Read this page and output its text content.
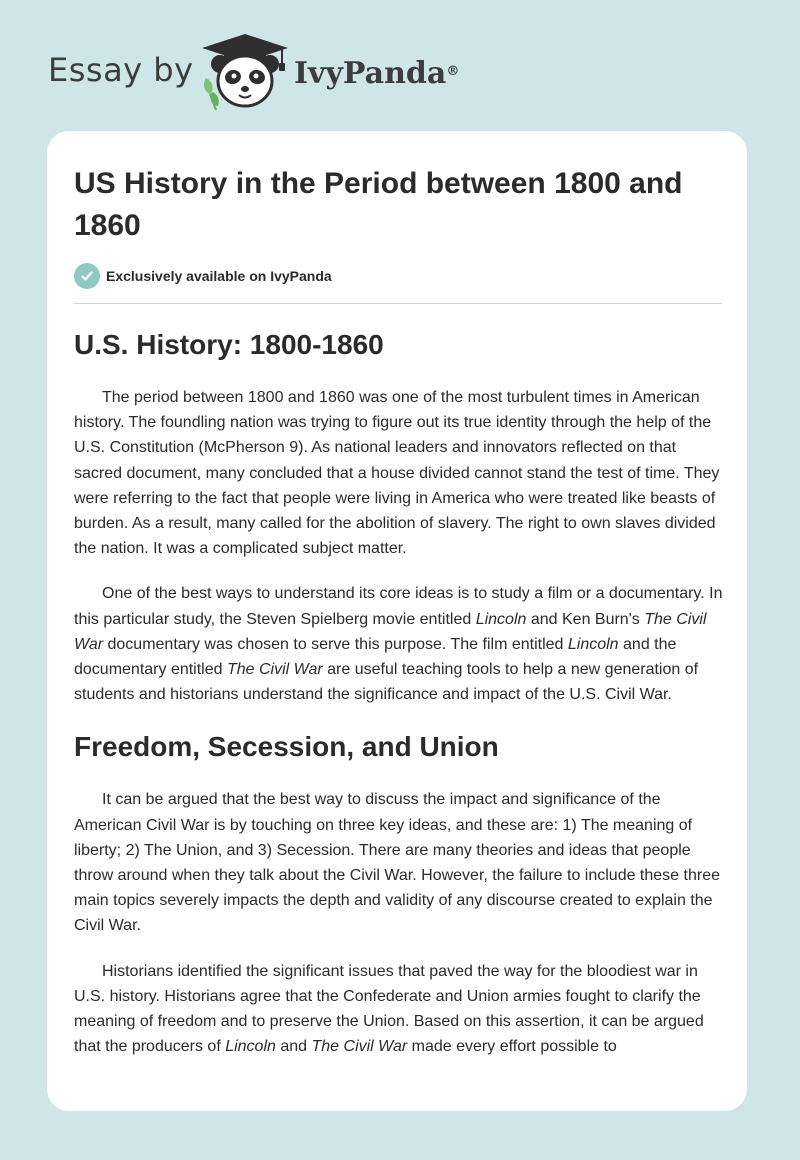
Essay by	IvyPanda®
US History in the Period between 1800 and 1860
Exclusively available on IvyPanda
U.S. History: 1800-1860

The period between 1800 and 1860 was one of the most turbulent times in American history. The foundling nation was trying to figure out its true identity through the help of the U.S. Constitution (McPherson 9). As national leaders and innovators reflected on that sacred document, many concluded that a house divided cannot stand the test of time. They were referring to the fact that people were living in America who were treated like beasts of burden. As a result, many called for the abolition of slavery. The right to own slaves divided the nation. It was a complicated subject matter.

One of the best ways to understand its core ideas is to study a film or a documentary. In this particular study, the Steven Spielberg movie entitled Lincoln and Ken Burn's The Civil War documentary was chosen to serve this purpose. The film entitled Lincoln and the documentary entitled The Civil War are useful teaching tools to help a new generation of students and historians understand the significance and impact of the U.S. Civil War.

Freedom, Secession, and Union

It can be argued that the best way to discuss the impact and significance of the American Civil War is by touching on three key ideas, and these are: 1) The meaning of liberty; 2) The Union, and 3) Secession. There are many theories and ideas that people throw around when they talk about the Civil War. However, the failure to include these three main topics severely impacts the depth and validity of any discourse created to explain the Civil War.

Historians identified the significant issues that paved the way for the bloodiest war in U.S. history. Historians agree that the Confederate and Union armies fought to clarify the meaning of freedom and to preserve the Union. Based on this assertion, it can be argued that the producers of Lincoln and The Civil War made every effort possible to
